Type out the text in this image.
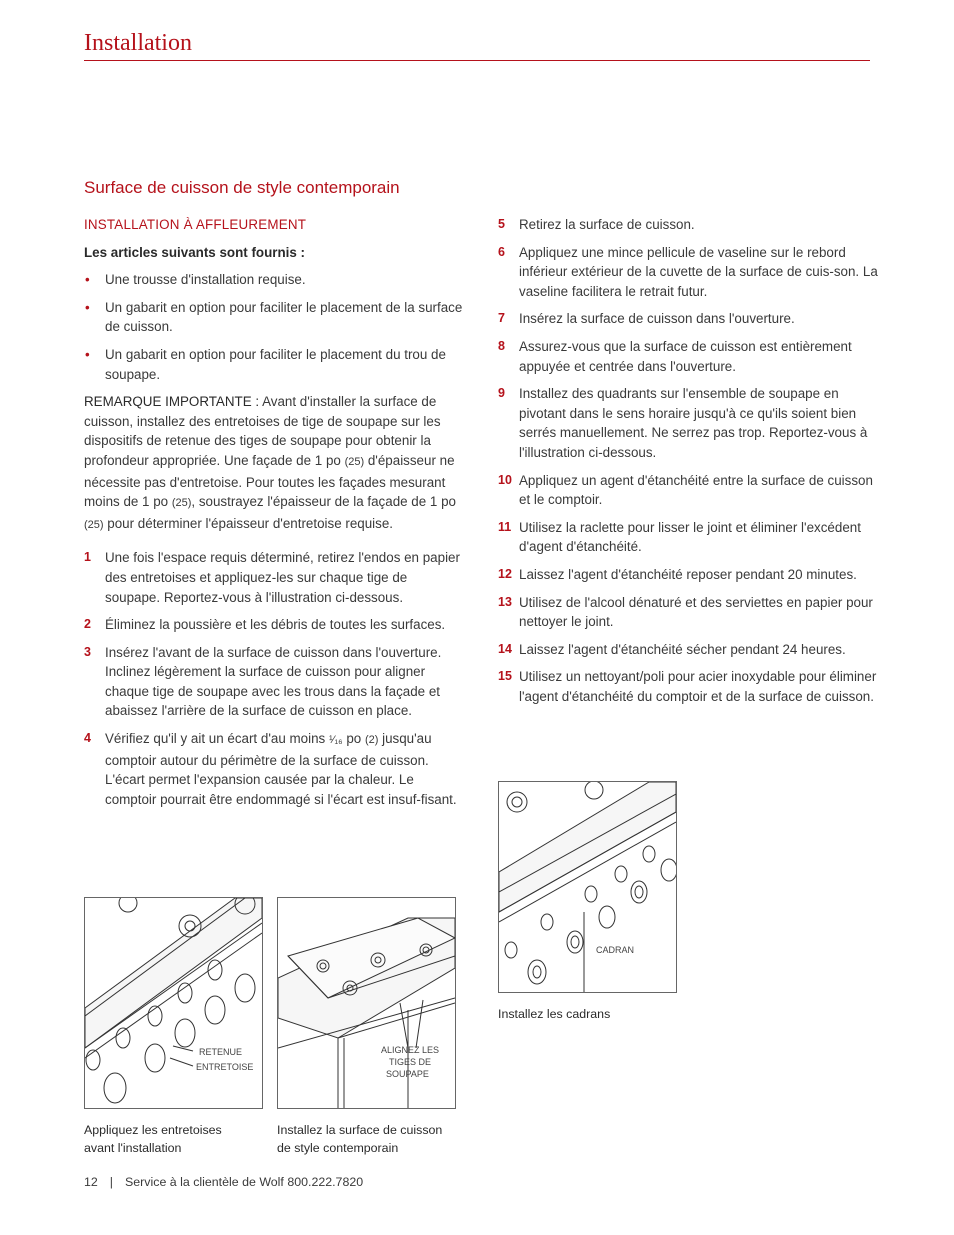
Installation
Surface de cuisson de style contemporain
INSTALLATION À AFFLEUREMENT
Les articles suivants sont fournis :
• Une trousse d'installation requise.
• Un gabarit en option pour faciliter le placement de la surface de cuisson.
• Un gabarit en option pour faciliter le placement du trou de soupape.

REMARQUE IMPORTANTE : Avant d'installer la surface de cuisson, installez des entretoises de tige de soupape sur les dispositifs de retenue des tiges de soupape pour obtenir la profondeur appropriée. Une façade de 1 po (25) d'épaisseur ne nécessite pas d'entretoise. Pour toutes les façades mesurant moins de 1 po (25), soustrayez l'épaisseur de la façade de 1 po (25) pour déterminer l'épaisseur d'entretoise requise.

1 Une fois l'espace requis déterminé, retirez l'endos en papier des entretoises et appliquez-les sur chaque tige de soupape. Reportez-vous à l'illustration ci-dessous.
2 Éliminez la poussière et les débris de toutes les surfaces.
3 Insérez l'avant de la surface de cuisson dans l'ouverture. Inclinez légèrement la surface de cuisson pour aligner chaque tige de soupape avec les trous dans la façade et abaissez l'arrière de la surface de cuisson en place.
4 Vérifiez qu'il y ait un écart d'au moins ¹⁄₁₆ po (2) jusqu'au comptoir autour du périmètre de la surface de cuisson. L'écart permet l'expansion causée par la chaleur. Le comptoir pourrait être endommagé si l'écart est insuf-fisant.
5 Retirez la surface de cuisson.
6 Appliquez une mince pellicule de vaseline sur le rebord inférieur extérieur de la cuvette de la surface de cuis-son. La vaseline facilitera le retrait futur.
7 Insérez la surface de cuisson dans l'ouverture.
8 Assurez-vous que la surface de cuisson est entièrement appuyée et centrée dans l'ouverture.
9 Installez des quadrants sur l'ensemble de soupape en pivotant dans le sens horaire jusqu'à ce qu'ils soient bien serrés manuellement. Ne serrez pas trop. Reportez-vous à l'illustration ci-dessous.
10 Appliquez un agent d'étanchéité entre la surface de cuisson et le comptoir.
11 Utilisez la raclette pour lisser le joint et éliminer l'excédent d'agent d'étanchéité.
12 Laissez l'agent d'étanchéité reposer pendant 20 minutes.
13 Utilisez de l'alcool dénaturé et des serviettes en papier pour nettoyer le joint.
14 Laissez l'agent d'étanchéité sécher pendant 24 heures.
15 Utilisez un nettoyant/poli pour acier inoxydable pour éliminer l'agent d'étanchéité du comptoir et de la surface de cuisson.
RETENUE
ENTRETOISE
Appliquez les entretoises
avant l'installation
ALIGNEZ LES
TIGES DE
SOUPAPE
Installez la surface de cuisson
de style contemporain
CADRAN
Installez les cadrans
12 | Service à la clientèle de Wolf 800.222.7820
